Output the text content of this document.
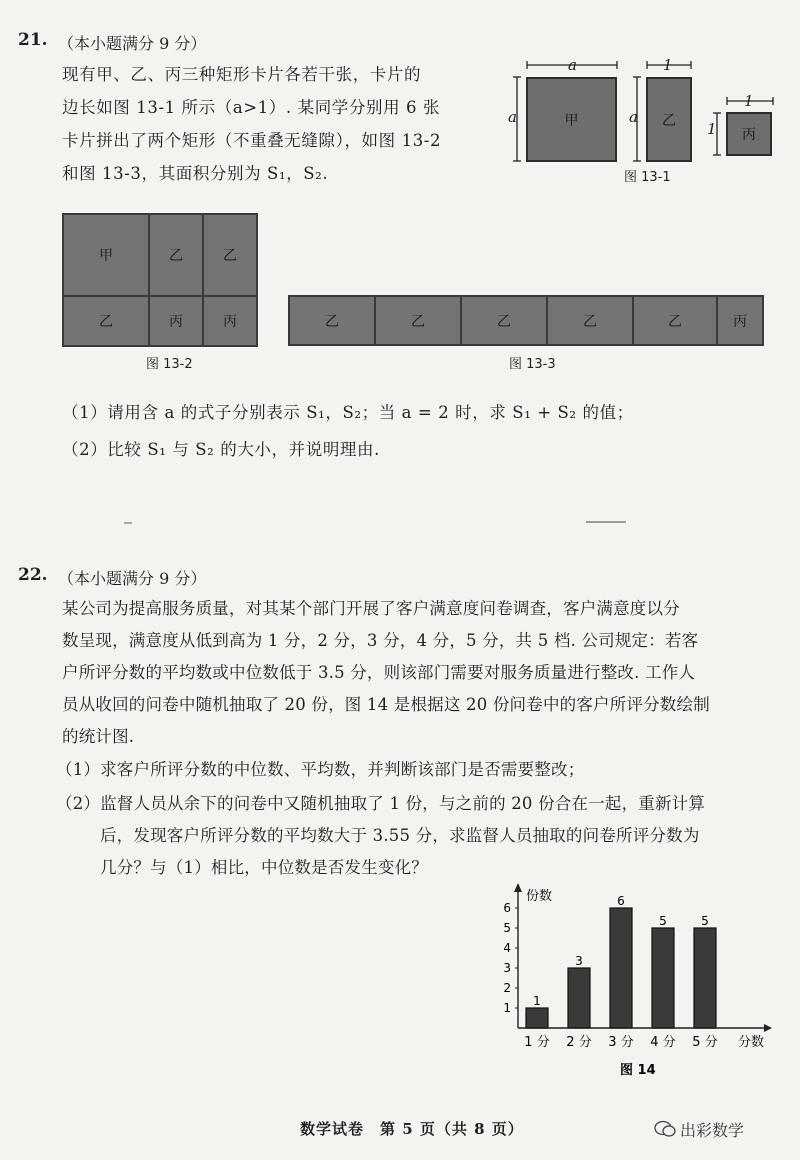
21. （本小题满分 9 分）

现有甲、乙、丙三种矩形卡片各若干张，卡片的

边长如图 13-1 所示（a>1）. 某同学分别用 6 张

卡片拼出了两个矩形（不重叠无缝隙），如图 13-2

和图 13-3，其面积分别为 S₁，S₂.

a
a	甲
1
a 乙
1
1 丙
图 13-1
甲	乙	乙
乙	丙	丙
图 13-2
乙	乙	乙	乙	乙	丙
图 13-3
（1）请用含 a 的式子分别表示 S₁，S₂；当 a = 2 时，求 S₁ + S₂ 的值；
（2）比较 S₁ 与 S₂ 的大小，并说明理由.
22. （本小题满分 9 分）

某公司为提高服务质量，对其某个部门开展了客户满意度问卷调查，客户满意度以分

数呈现，满意度从低到高为 1 分，2 分，3 分，4 分，5 分，共 5 档. 公司规定：若客

户所评分数的平均数或中位数低于 3.5 分，则该部门需要对服务质量进行整改. 工作人

员从收回的问卷中随机抽取了 20 份，图 14 是根据这 20 份问卷中的客户所评分数绘制

的统计图.

（1）求客户所评分数的中位数、平均数，并判断该部门是否需要整改；
（2）监督人员从余下的问卷中又随机抽取了 1 份，与之前的 20 份合在一起，重新计算
后，发现客户所评分数的平均数大于 3.55 分，求监督人员抽取的问卷所评分数为
几分？与（1）相比，中位数是否发生变化？
份数
分数
1
2
3
4
5
6
1
3
6
5	5
1 分 2 分 3 分 4 分 5 分
图 14
数学试卷　第 5 页（共 8 页）	出彩数学
